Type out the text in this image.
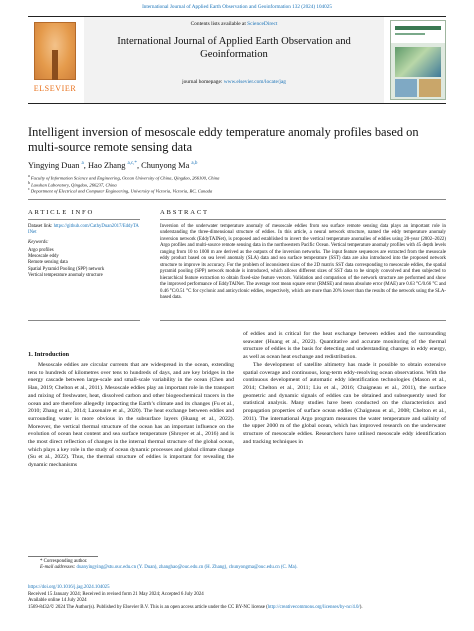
International Journal of Applied Earth Observation and Geoinformation 132 (2024) 104025
ELSEVIER
Contents lists available at ScienceDirect
International Journal of Applied Earth Observation and Geoinformation
journal homepage: www.elsevier.com/locate/jag
Intelligent inversion of mesoscale eddy temperature anomaly profiles based on multi-source remote sensing data
Yingying Duan $^a$, Hao Zhang $^{a,c,*}$, Chunyong Ma $^{a,b}$
$^a$ Faculty of Information Science and Engineering, Ocean University of China, Qingdao, 266100, China
$^b$ Laoshan Laboratory, Qingdao, 266237, China
$^c$ Department of Electrical and Computer Engineering, University of Victoria, Victoria, BC, Canada
ARTICLE INFO	ABSTRACT
Dataset link: https://github.com/CathyDuan2017/EddyTAINet
Keywords:
Argo profiles
Mesoscale eddy
Remote sensing data
Spatial Pyramid Pooling (SPP) network
Vertical temperature anomaly structure
Inversion of the underwater temperature anomaly of mesoscale eddies from sea surface remote sensing data plays an important role in understanding the three-dimensional structure of eddies. In this article, a neural network structure, named the eddy temperature anomaly inversion network (EddyTAINet), is proposed and established to invert the vertical temperature anomalies of eddies using 20-year (2002–2022) Argo profiles and multi-source remote sensing data in the northwestern Pacific Ocean. Vertical temperature anomaly profiles with 45 depth levels ranging from 10 to 1000 m are derived as the outputs of the inversion networks. The input feature sequences are extracted from the mesoscale eddy product based on sea level anomaly (SLA) data and sea surface temperature (SST) data are also introduced into the proposed network structure to improve its accuracy. For the problem of inconsistent sizes of the 2D matrix SST data corresponding to mesoscale eddies, the spatial pyramid pooling (SPP) network module is introduced, which allows different sizes of SST data to be simply convolved and then subjected to hierarchical feature extraction to obtain fixed-size feature vectors. Validation and comparison of the network structure are performed and show the improved performance of EddyTAINet. The average root mean square error (RMSE) and mean absolute error (MAE) are 0.63 °C/0.66 °C and 0.46 °C/0.51 °C for cyclonic and anticyclonic eddies, respectively, which are more than 20% lower than the results of the network using the SLA-based data.
1. Introduction

Mesoscale eddies are circular currents that are widespread in the ocean, extending tens to hundreds of kilometres over tens to hundreds of days, and are key bridges in the energy cascade between large-scale and small-scale variability in the ocean (Chen and Han, 2019; Chelton et al., 2011). Mesoscale eddies play an important role in the transport and mixing of freshwater, heat, dissolved carbon and other biogeochemical tracers in the ocean and are therefore allegedly impacting the Earth’s climate and its changes (Fu et al., 2010; Zhang et al., 2014; Laxenaire et al., 2020). The heat exchange between eddies and surrounding water is more obvious in the subsurface layers (Huang et al., 2022). Moreover, the vertical thermal structure of the ocean has an important influence on the evolution of ocean heat content and sea surface temperature (Shroyer et al., 2016) and is the most direct reflection of changes in the internal thermal structure of the global ocean, which plays a key role in the study of ocean dynamic processes and global climate change (Su et al., 2022). Thus, the thermal structure of eddies is important for revealing the dynamic mechanisms

of eddies and is critical for the heat exchange between eddies and the surrounding seawater (Huang et al., 2022). Quantitative and accurate monitoring of the thermal structure of eddies is the basis for detecting and understanding changes in eddy energy, as well as ocean heat exchange and redistribution.

The development of satellite altimetry has made it possible to obtain extensive spatial coverage and continuous, long-term eddy-resolving ocean observations. With the continuous development of automatic eddy identification technologies (Mason et al., 2014; Chelton et al., 2011; Liu et al., 2016; Chaigneau et al., 2011), the surface geometric and dynamic signals of eddies can be obtained and subsequently used for statistical analysis. Many studies have been conducted on the characteristics and propagation properties of surface ocean eddies (Chaigneau et al., 2008; Chelton et al., 2011). The international Argo program measures the water temperature and salinity of the upper 2000 m of the global ocean, which has improved research on the underwater structure of mesoscale eddies. Researchers have utilised mesoscale eddy identification and tracking techniques in

* Corresponding author.
E-mail addresses: duanyingying@stu.ouc.edu.cn (Y. Duan), zhanghao@ouc.edu.cn (H. Zhang), chunyongma@ouc.edu.cn (C. Ma).
https://doi.org/10.1016/j.jag.2024.104025
Received 15 January 2024; Received in revised form 21 May 2024; Accepted 6 July 2024
Available online 14 July 2024
1569-8432/© 2024 The Author(s). Published by Elsevier B.V. This is an open access article under the CC BY-NC license (http://creativecommons.org/licenses/by-nc/4.0/).
